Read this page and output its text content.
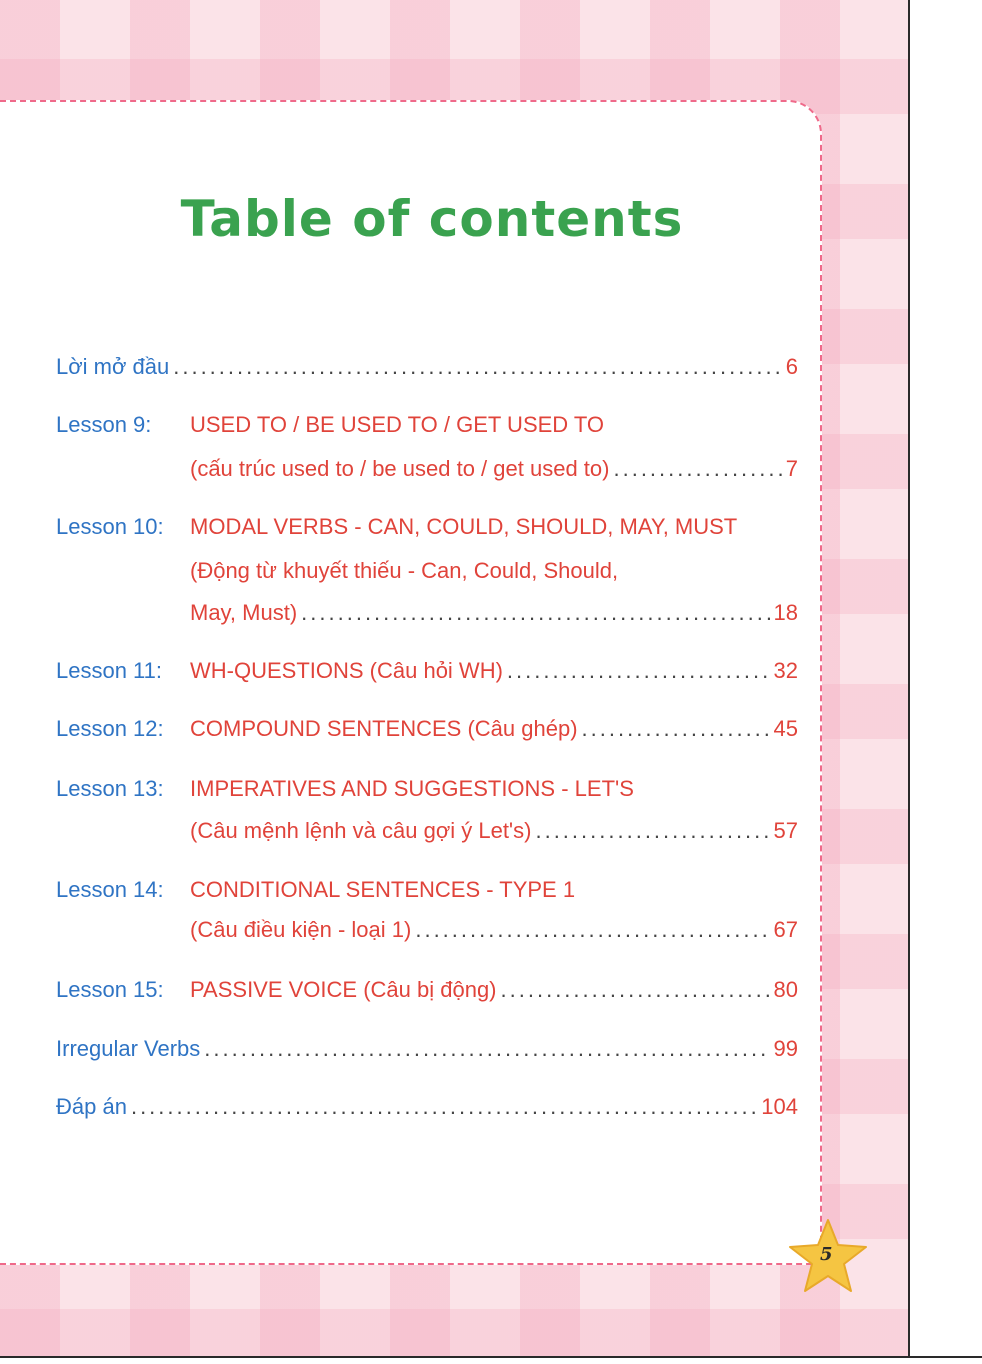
Table of contents
Lời mở đầu .....	6
Lesson 9: USED TO / BE USED TO / GET USED TO
(cấu trúc used to / be used to / get used to) .....	7
Lesson 10: MODAL VERBS - CAN, COULD, SHOULD, MAY, MUST
(Động từ khuyết thiếu - Can, Could, Should,
May, Must) .....	18
Lesson 11: WH-QUESTIONS (Câu hỏi WH) .....	32
Lesson 12: COMPOUND SENTENCES (Câu ghép) .....	45
Lesson 13: IMPERATIVES AND SUGGESTIONS - LET'S
(Câu mệnh lệnh và câu gợi ý Let's) .....	57
Lesson 14: CONDITIONAL SENTENCES - TYPE 1
(Câu điều kiện - loại 1) .....	67
Lesson 15: PASSIVE VOICE (Câu bị động) .....	80
Irregular Verbs .....	99
Đáp án .....	104
5
